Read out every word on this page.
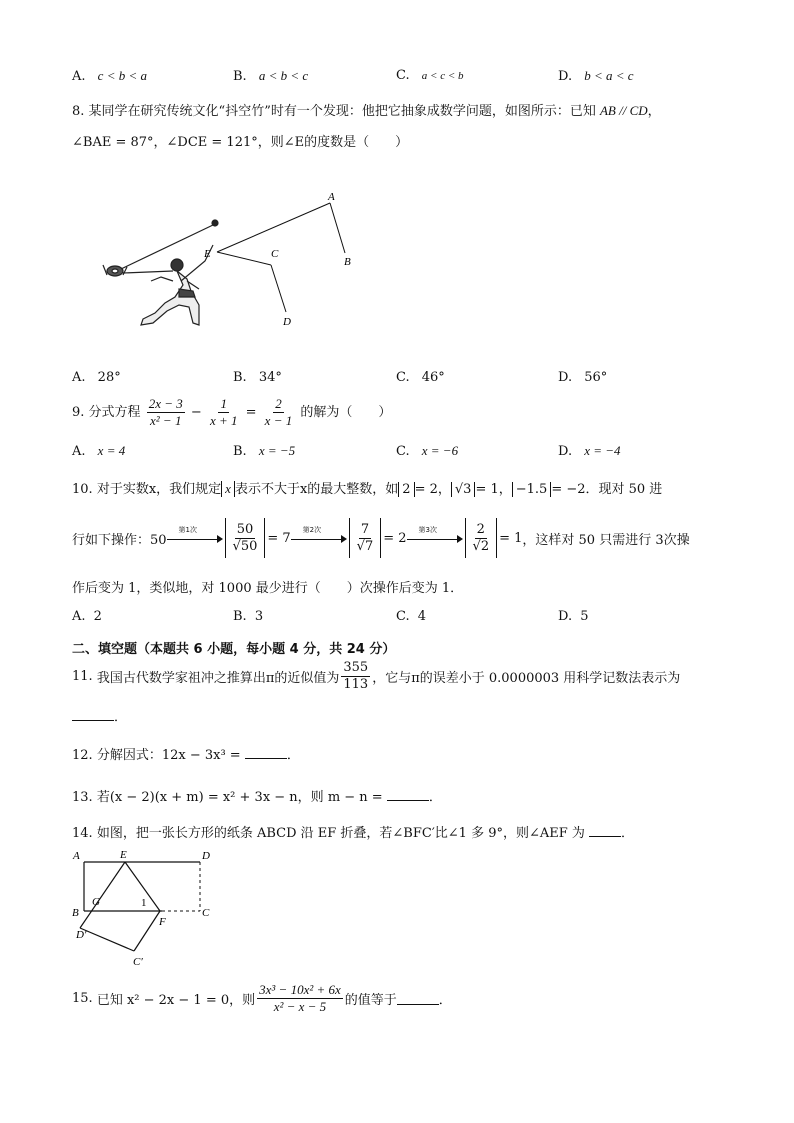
A. c < b < a	B. a < b < c	C. a < c < b	D. b < a < c
8. 某同学在研究传统文化“抖空竹”时有一个发现：他把它抽象成数学问题，如图所示：已知 AB // CD，
∠BAE = 87°，∠DCE = 121°，则∠E的度数是（　　）
A
B
C
D
E
A. 28°	B. 34°	C. 46°	D. 56°
9. 分式方程 $\frac{2x - 3}{\text{x² − 1}} - \frac{1}{x + 1} = \frac{2}{x - 1}$ 的解为（　　）
A. x = 4	B. x = −5	C. x = −6	D. x = −4
10. 对于实数x，我们规定 x 表示不大于x的最大整数，如 2 = 2， √3 = 1， −1.5 = −2．现对 50 进
行如下操作：50
第1次	$\frac{50}{√50} = 7$
第2次	$\frac{7}{√7} = 2$
第3次	$\frac{2}{√2} = 1$ ，这样对 50 只需进行 3次操
作后变为 1，类似地，对 1000 最少进行（　　）次操作后变为 1．
A. 2	B. 3	C. 4	D. 5
二、填空题（本题共 6 小题，每小题 4 分，共 24 分）
11.
我国古代数学家祖冲之推算出π的近似值为 $\frac{355}{113}$ ，它与π的误差小于 0.0000003 用科学记数法表示为
．
12. 分解因式：12x − 3x³ =	．
13. 若(x − 2)(x + m) = x² + 3x − n，则 m − n =	．
14. 如图，把一张长方形的纸条 ABCD 沿 EF 折叠，若∠BFC′比∠1 多 9°，则∠AEF 为	．
A	E	D
B
G	1
C
F
D′
C′
15.
已知 x² − 2x − 1 = 0，则 $\frac{\text{3x³ − 10x² + 6x}}{\text{x² − x − 5}}$ 的值等于	．
